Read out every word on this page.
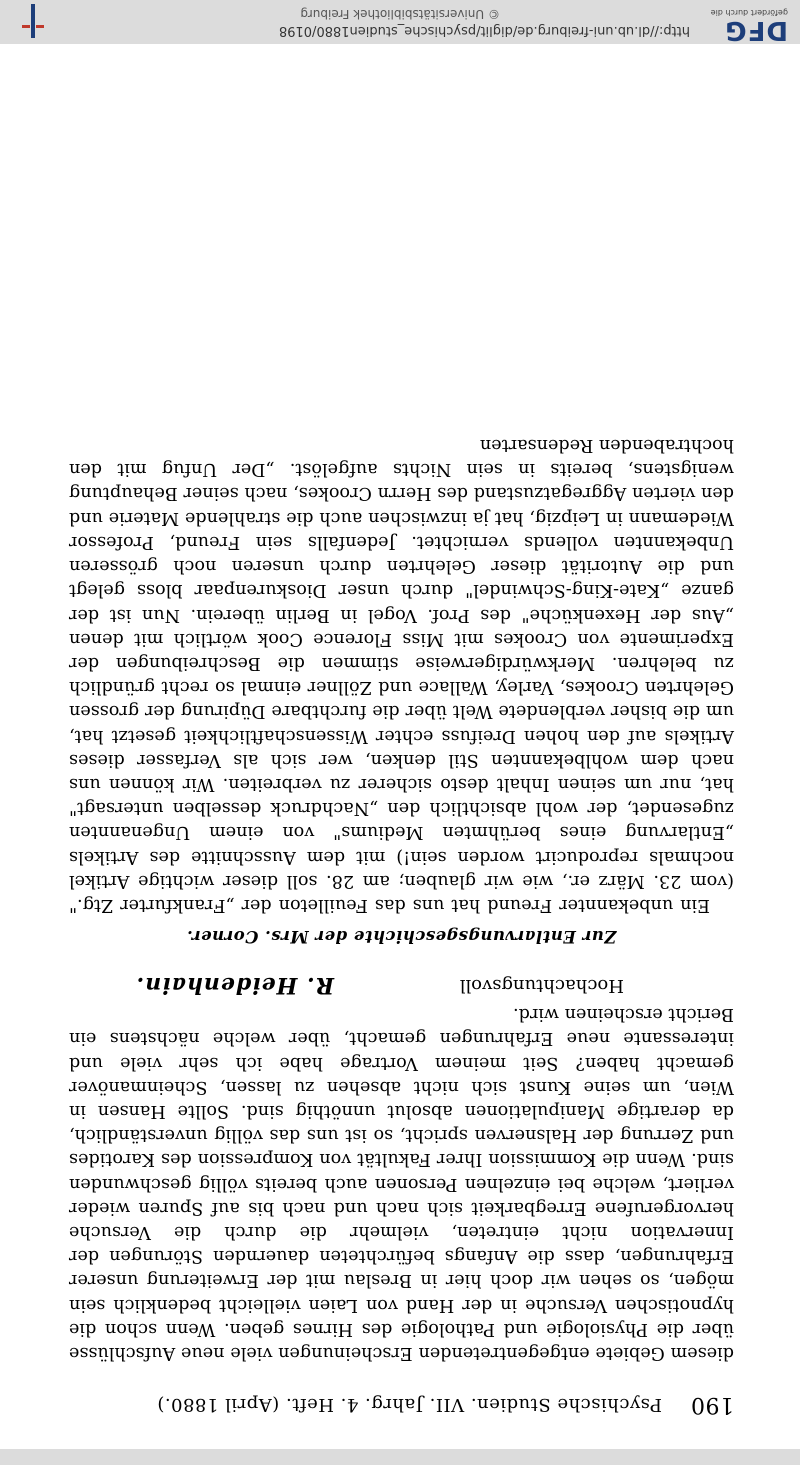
DFG
gefördert durch die
http://dl.ub.uni-freiburg.de/diglit/psychische_studien1880/0198
© Universitätsbibliothek Freiburg
190
Psychische Studien. VII. Jahrg. 4. Heft. (April 1880.)

diesem Gebiete entgegentretenden Erscheinungen viele neue Aufschlüsse über die Physiologie und Pathologie des Hirnes geben. Wenn schon die hypnotischen Versuche in der Hand von Laien vielleicht bedenklich sein mögen, so sehen wir doch hier in Breslau mit der Erweiterung unserer Erfahrungen, dass die Anfangs befürchteten dauernden Störungen der Innervation nicht eintreten, vielmehr die durch die Versuche hervorgerufene Erregbarkeit sich nach und nach bis auf Spuren wieder verliert, welche bei einzelnen Personen auch bereits völlig geschwunden sind. Wenn die Kommission Ihrer Fakultät von Kompression des Karotides und Zerrung der Halsnerven spricht, so ist uns das völlig unverständlich, da derartige Manipulationen absolut unnöthig sind. Sollte Hansen in Wien, um seine Kunst sich nicht absehen zu lassen, Scheinmanöver gemacht haben? Seit meinem Vortrage habe ich sehr viele und interessante neue Erfahrungen gemacht, über welche nächstens ein Bericht erscheinen wird.

Hochachtungsvoll
R. Heidenhain.
Zur Entlarvungsgeschichte der Mrs. Corner.

Ein unbekannter Freund hat uns das Feuilleton der „Frankfurter Ztg." (vom 23. März er., wie wir glauben; am 28. soll dieser wichtige Artikel nochmals reproducirt worden sein!) mit dem Ausschnitte des Artikels „Entlarvung eines berühmten Mediums" von einem Ungenannten zugesendet, der wohl absichtlich den „Nachdruck desselben untersagt" hat, nur um seinen Inhalt desto sicherer zu verbreiten. Wir können uns nach dem wohlbekannten Stil denken, wer sich als Verfasser dieses Artikels auf den hohen Dreifuss echter Wissenschaftlichkeit gesetzt hat, um die bisher verblendete Welt über die furchtbare Düpirung der grossen Gelehrten Crookes, Varley, Wallace und Zöllner einmal so recht gründlich zu belehren. Merkwürdigerweise stimmen die Beschreibungen der Experimente von Crookes mit Miss Florence Cook wörtlich mit denen „Aus der Hexenküche" des Prof. Vogel in Berlin überein. Nun ist der ganze „Kate-King-Schwindel" durch unser Dioskurenpaar bloss gelegt und die Autorität dieser Gelehrten durch unseren noch grösseren Unbekannten vollends vernichtet. Jedenfalls sein Freund, Professor Wiedemann in Leipzig, hat ja inzwischen auch die strahlende Materie und den vierten Aggregatzustand des Herrn Crookes, nach seiner Behauptung wenigstens, bereits in sein Nichts aufgelöst. „Der Unfug mit den hochtrabenden Redensarten
